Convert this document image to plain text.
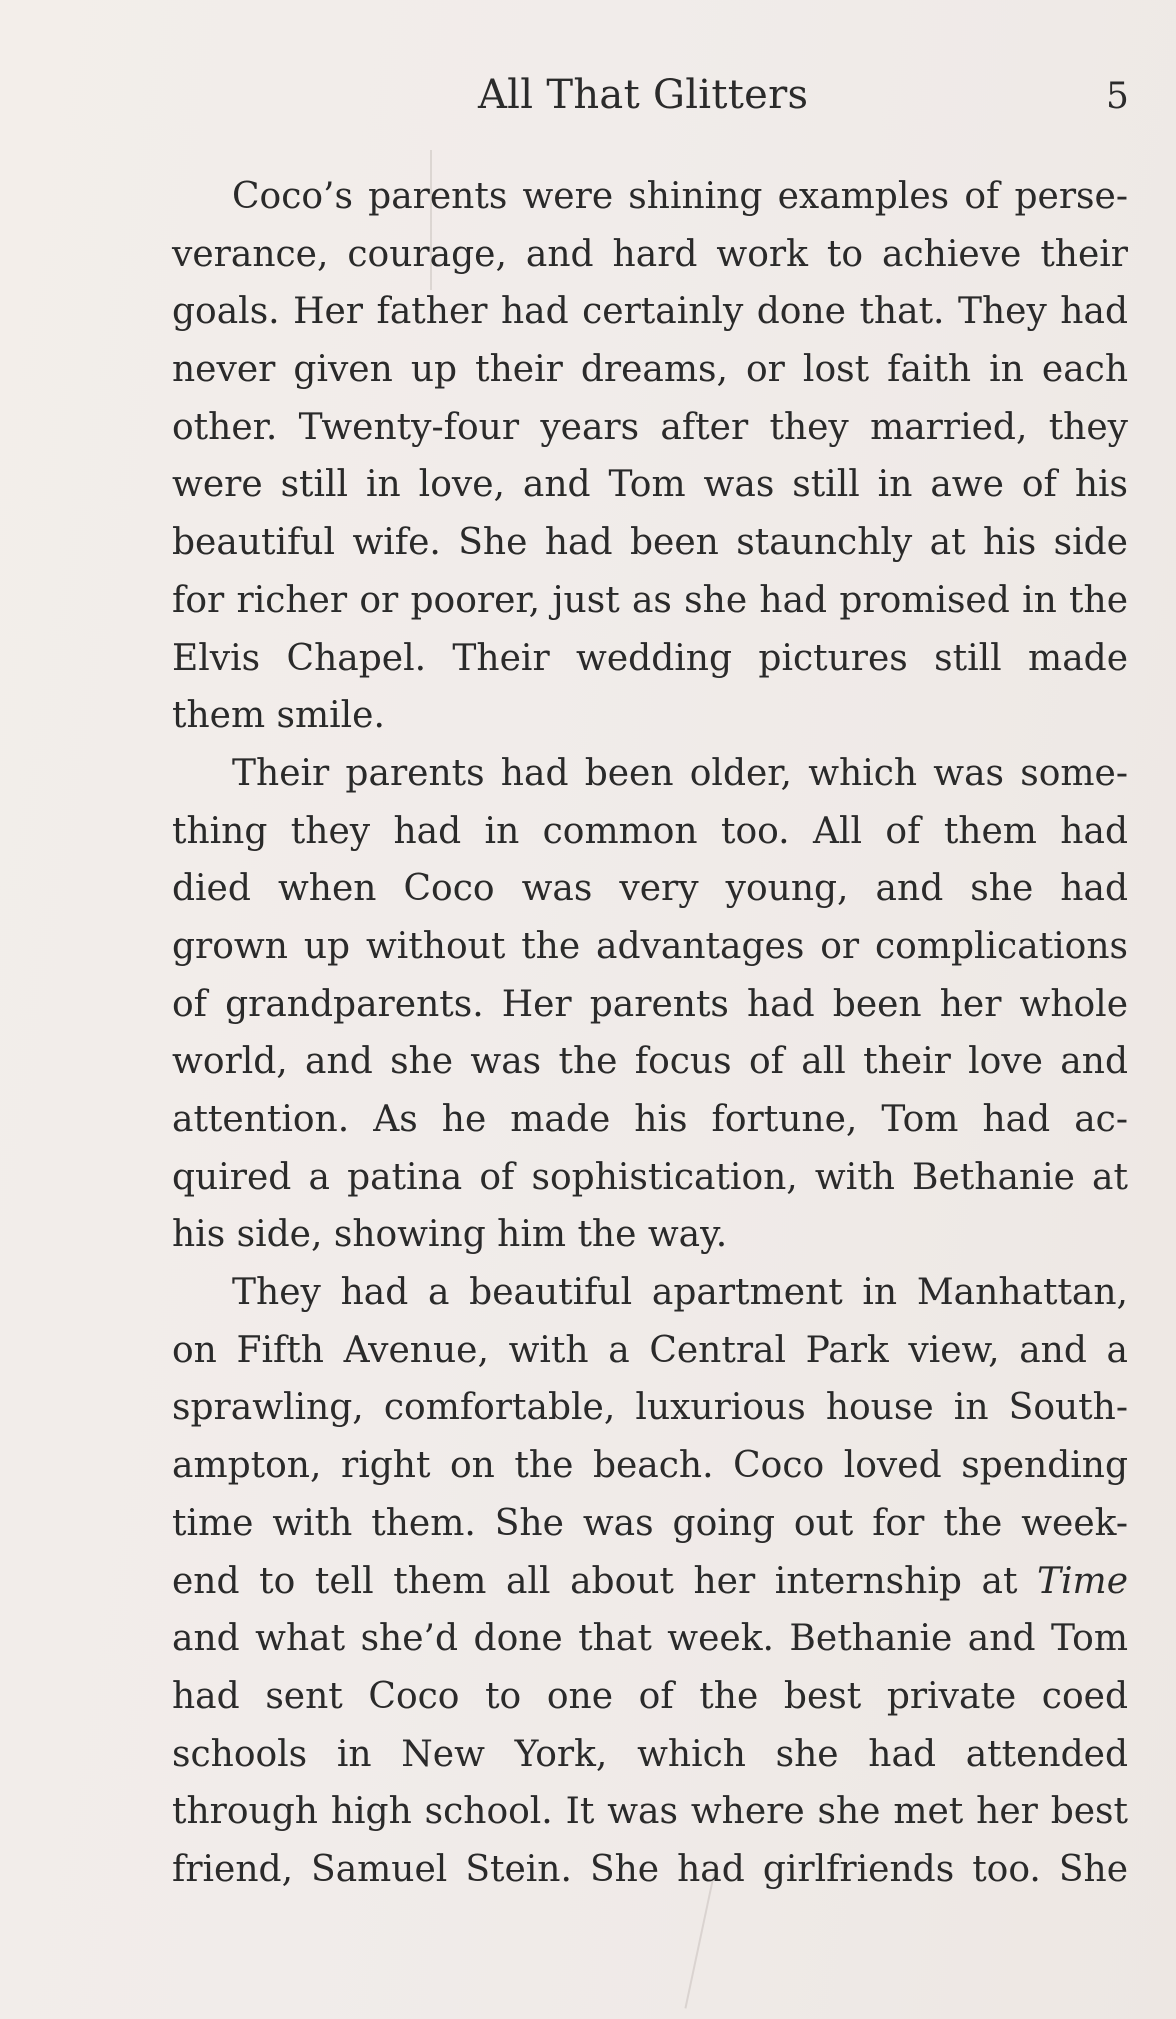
All That Glitters	5

Coco’s parents were shining examples of perse-
verance, courage, and hard work to achieve their
goals. Her father had certainly done that. They had
never given up their dreams, or lost faith in each
other. Twenty-four years after they married, they
were still in love, and Tom was still in awe of his
beautiful wife. She had been staunchly at his side
for richer or poorer, just as she had promised in the
Elvis Chapel. Their wedding pictures still made
them smile.

Their parents had been older, which was some-
thing they had in common too. All of them had
died when Coco was very young, and she had
grown up without the advantages or complications
of grandparents. Her parents had been her whole
world, and she was the focus of all their love and
attention. As he made his fortune, Tom had ac-
quired a patina of sophistication, with Bethanie at
his side, showing him the way.

They had a beautiful apartment in Manhattan,
on Fifth Avenue, with a Central Park view, and a
sprawling, comfortable, luxurious house in South-
ampton, right on the beach. Coco loved spending
time with them. She was going out for the week-
end to tell them all about her internship at Time
and what she’d done that week. Bethanie and Tom
had sent Coco to one of the best private coed
schools in New York, which she had attended
through high school. It was where she met her best
friend, Samuel Stein. She had girlfriends too. She
